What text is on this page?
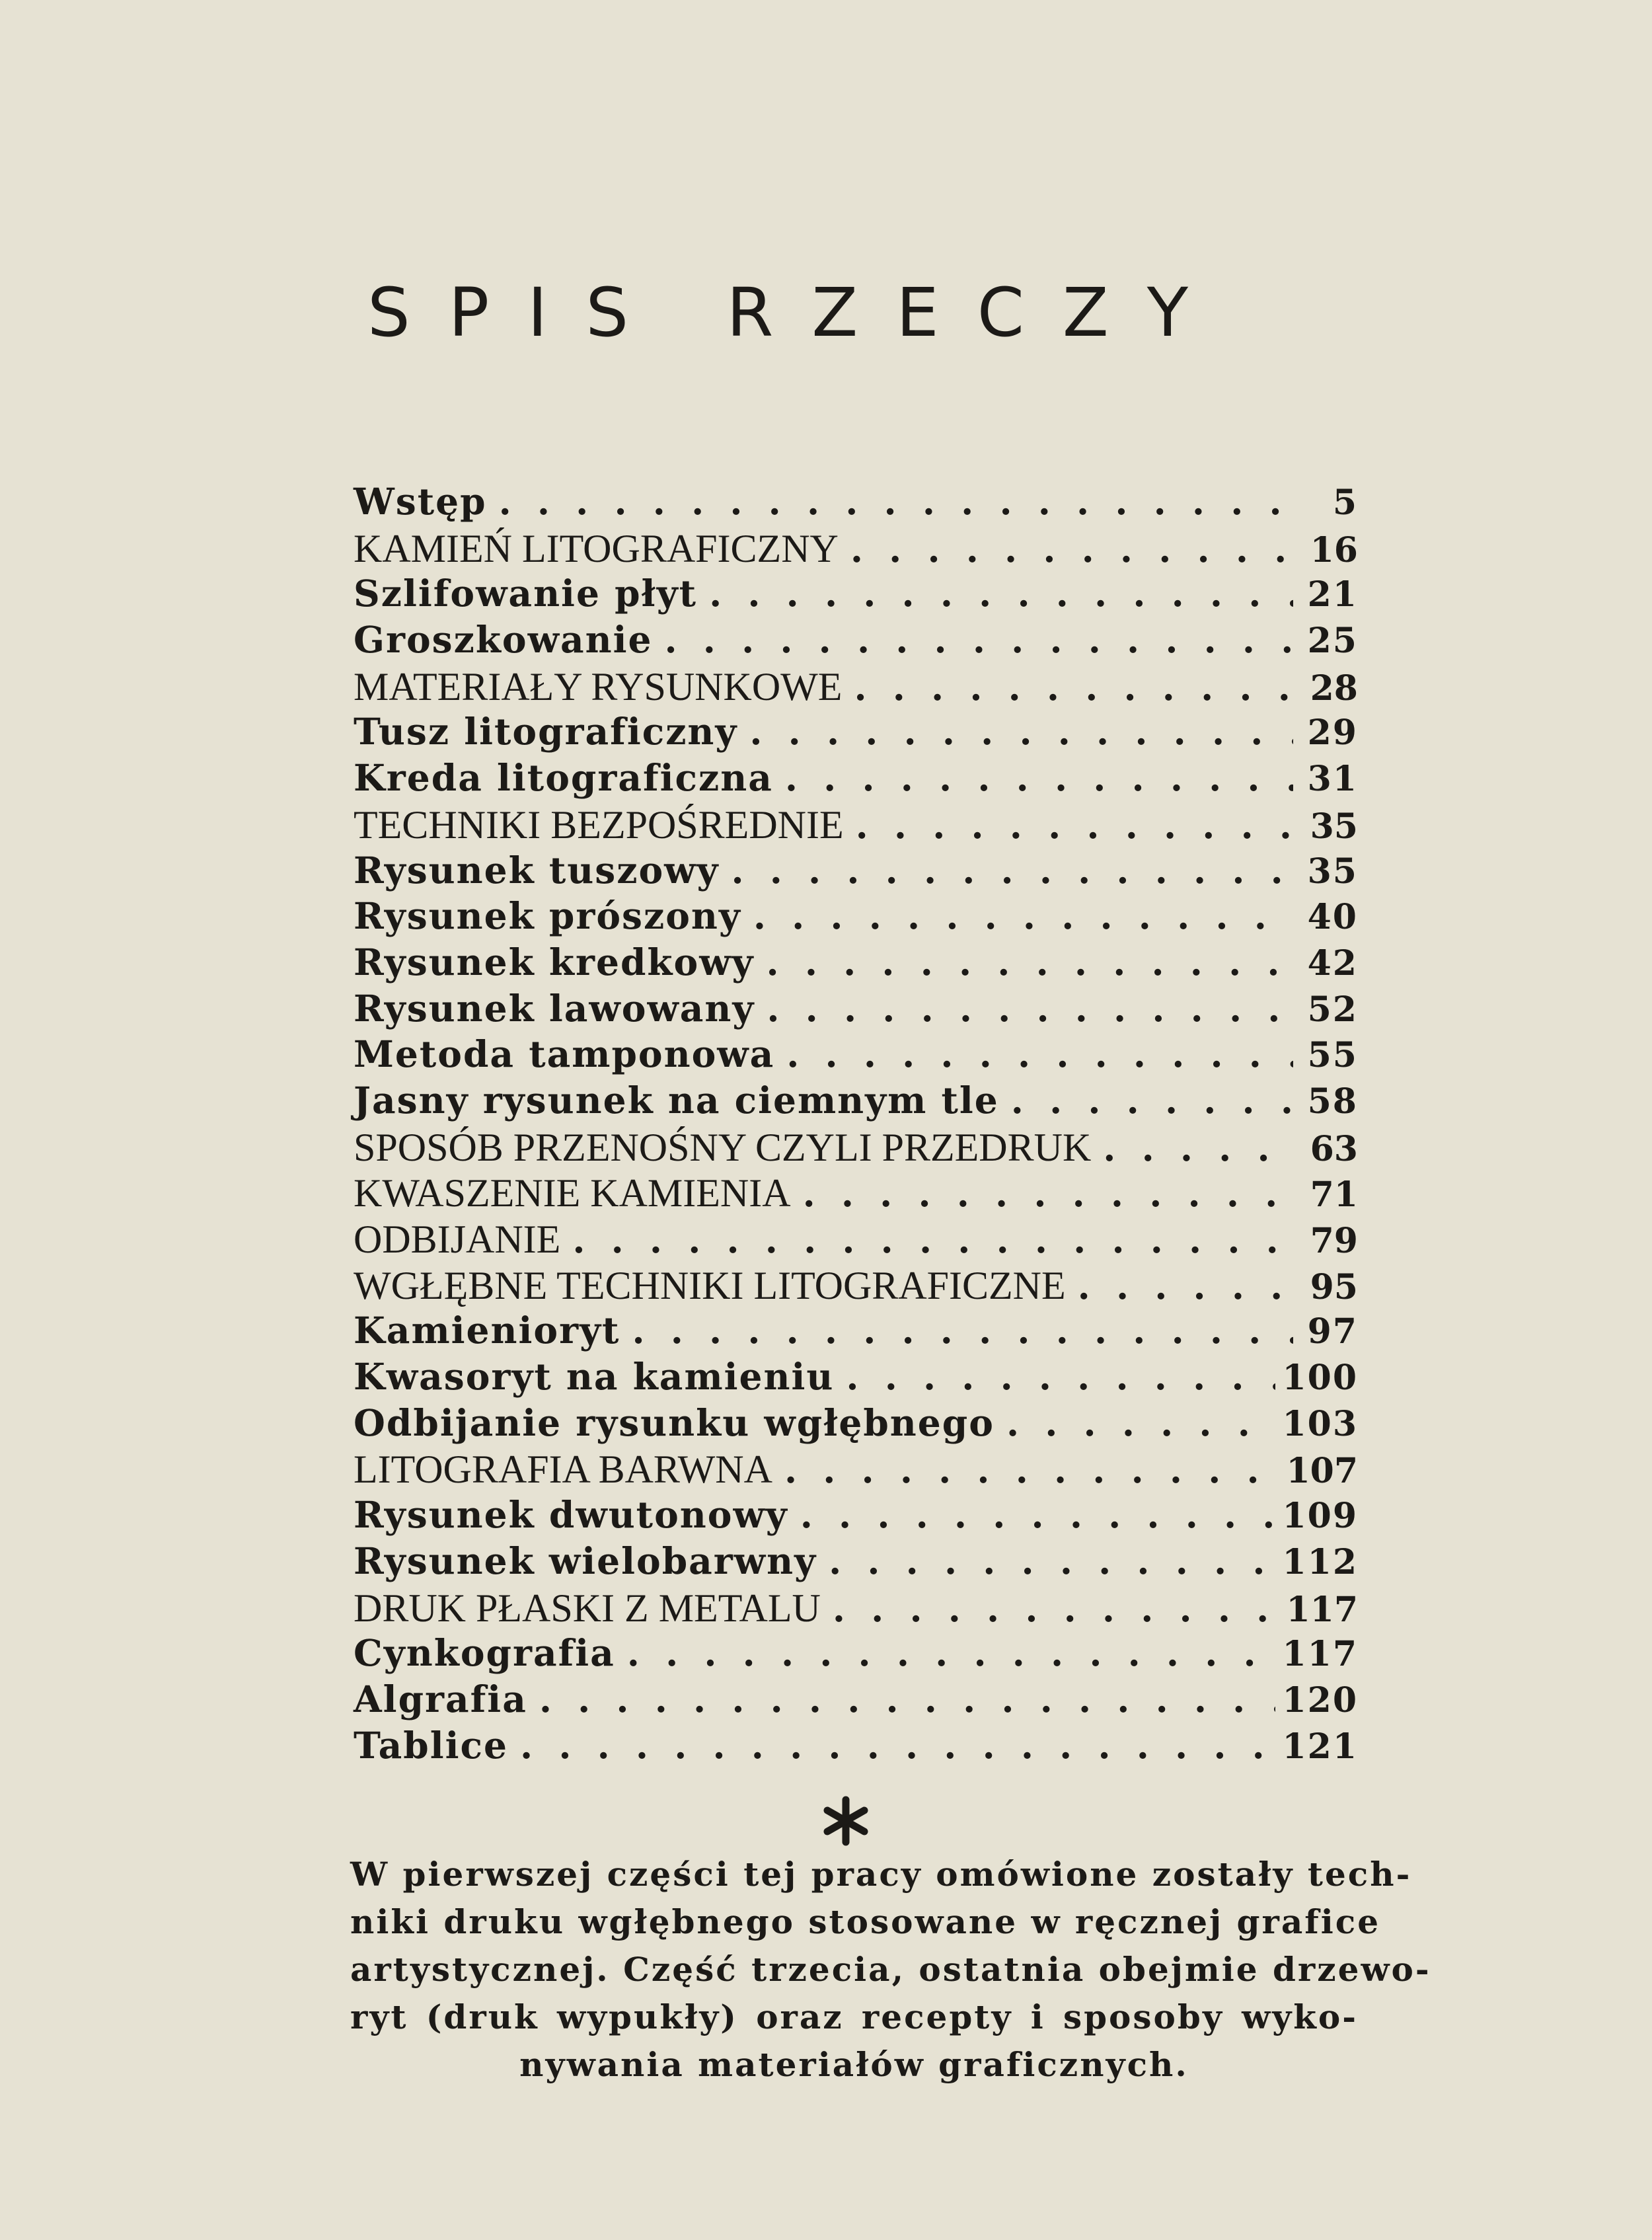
SPIS RZECZY
Wstęp . . .	5
KAMIEŃ LITOGRAFICZNY . . .	16
Szlifowanie płyt . . .	21
Groszkowanie . . .	25
MATERIAŁY RYSUNKOWE . . .	28
Tusz litograficzny . . .	29
Kreda litograficzna . . .	31
TECHNIKI BEZPOŚREDNIE . . .	35
Rysunek tuszowy . . .	35
Rysunek prószony . . .	40
Rysunek kredkowy . . .	42
Rysunek lawowany . . .	52
Metoda tamponowa . . .	55
Jasny rysunek na ciemnym tle . . .	58
SPOSÓB PRZENOŚNY CZYLI PRZEDRUK . . .	63
KWASZENIE KAMIENIA . . .	71
ODBIJANIE . . .	79
WGŁĘBNE TECHNIKI LITOGRAFICZNE . . .	95
Kamienioryt . . .	97
Kwasoryt na kamieniu . . .	100
Odbijanie rysunku wgłębnego . . .	103
LITOGRAFIA BARWNA . . .	107
Rysunek dwutonowy . . .	109
Rysunek wielobarwny . . .	112
DRUK PŁASKI Z METALU . . .	117
Cynkografia . . .	117
Algrafia . . .	120
Tablice . . .	121
W pierwszej części tej pracy omówione zostały tech-
niki druku wgłębnego stosowane w ręcznej grafice
artystycznej. Część trzecia, ostatnia obejmie drzewo-
ryt (druk wypukły) oraz recepty i sposoby wyko-
nywania materiałów graficznych.
